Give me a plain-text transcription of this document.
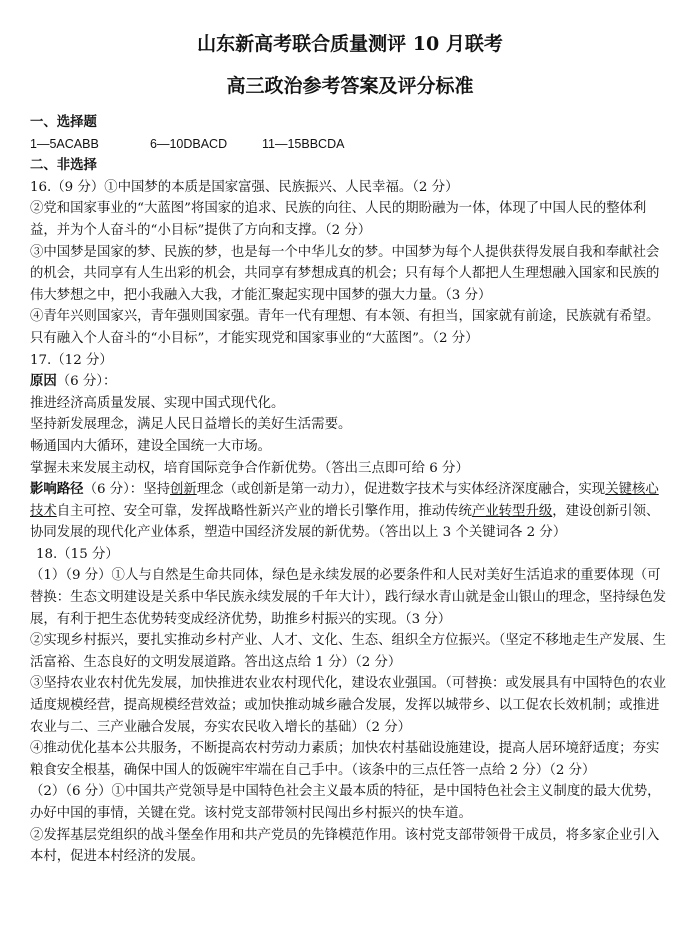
山东新高考联合质量测评 10 月联考
高三政治参考答案及评分标准

一、选择题

1—5ACABB	6—10DBACD	11—15BBCDA

二、非选择

16.（9 分）①中国梦的本质是国家富强、民族振兴、人民幸福。（2 分）

②党和国家事业的“大蓝图”将国家的追求、民族的向往、人民的期盼融为一体，体现了中国人民的整体利益，并为个人奋斗的“小目标”提供了方向和支撑。（2 分）

③中国梦是国家的梦、民族的梦，也是每一个中华儿女的梦。中国梦为每个人提供获得发展自我和奉献社会的机会，共同享有人生出彩的机会，共同享有梦想成真的机会；只有每个人都把人生理想融入国家和民族的伟大梦想之中，把小我融入大我，才能汇聚起实现中国梦的强大力量。（3 分）

④青年兴则国家兴，青年强则国家强。青年一代有理想、有本领、有担当，国家就有前途，民族就有希望。只有融入个人奋斗的“小目标”，才能实现党和国家事业的“大蓝图”。（2 分）

17.（12 分）

原因（6 分）：

推进经济高质量发展、实现中国式现代化。

坚持新发展理念，满足人民日益增长的美好生活需要。

畅通国内大循环，建设全国统一大市场。

掌握未来发展主动权，培育国际竞争合作新优势。（答出三点即可给 6 分）

影响路径（6 分）：坚持创新理念（或创新是第一动力），促进数字技术与实体经济深度融合，实现关键核心技术自主可控、安全可靠，发挥战略性新兴产业的增长引擎作用，推动传统产业转型升级，建设创新引领、协同发展的现代化产业体系，塑造中国经济发展的新优势。（答出以上 3 个关键词各 2 分）

18.（15 分）

（1）（9 分）①人与自然是生命共同体，绿色是永续发展的必要条件和人民对美好生活追求的重要体现（可替换：生态文明建设是关系中华民族永续发展的千年大计），践行绿水青山就是金山银山的理念，坚持绿色发展，有利于把生态优势转变成经济优势，助推乡村振兴的实现。（3 分）

②实现乡村振兴，要扎实推动乡村产业、人才、文化、生态、组织全方位振兴。（坚定不移地走生产发展、生活富裕、生态良好的文明发展道路。答出这点给 1 分）（2 分）

③坚持农业农村优先发展，加快推进农业农村现代化，建设农业强国。（可替换：或发展具有中国特色的农业适度规模经营，提高规模经营效益；或加快推动城乡融合发展，发挥以城带乡、以工促农长效机制；或推进农业与二、三产业融合发展，夯实农民收入增长的基础）（2 分）

④推动优化基本公共服务，不断提高农村劳动力素质；加快农村基础设施建设，提高人居环境舒适度；夯实粮食安全根基，确保中国人的饭碗牢牢端在自己手中。（该条中的三点任答一点给 2 分）（2 分）

（2）（6 分）①中国共产党领导是中国特色社会主义最本质的特征，是中国特色社会主义制度的最大优势，办好中国的事情，关键在党。该村党支部带领村民闯出乡村振兴的快车道。

②发挥基层党组织的战斗堡垒作用和共产党员的先锋模范作用。该村党支部带领骨干成员，将多家企业引入本村，促进本村经济的发展。
